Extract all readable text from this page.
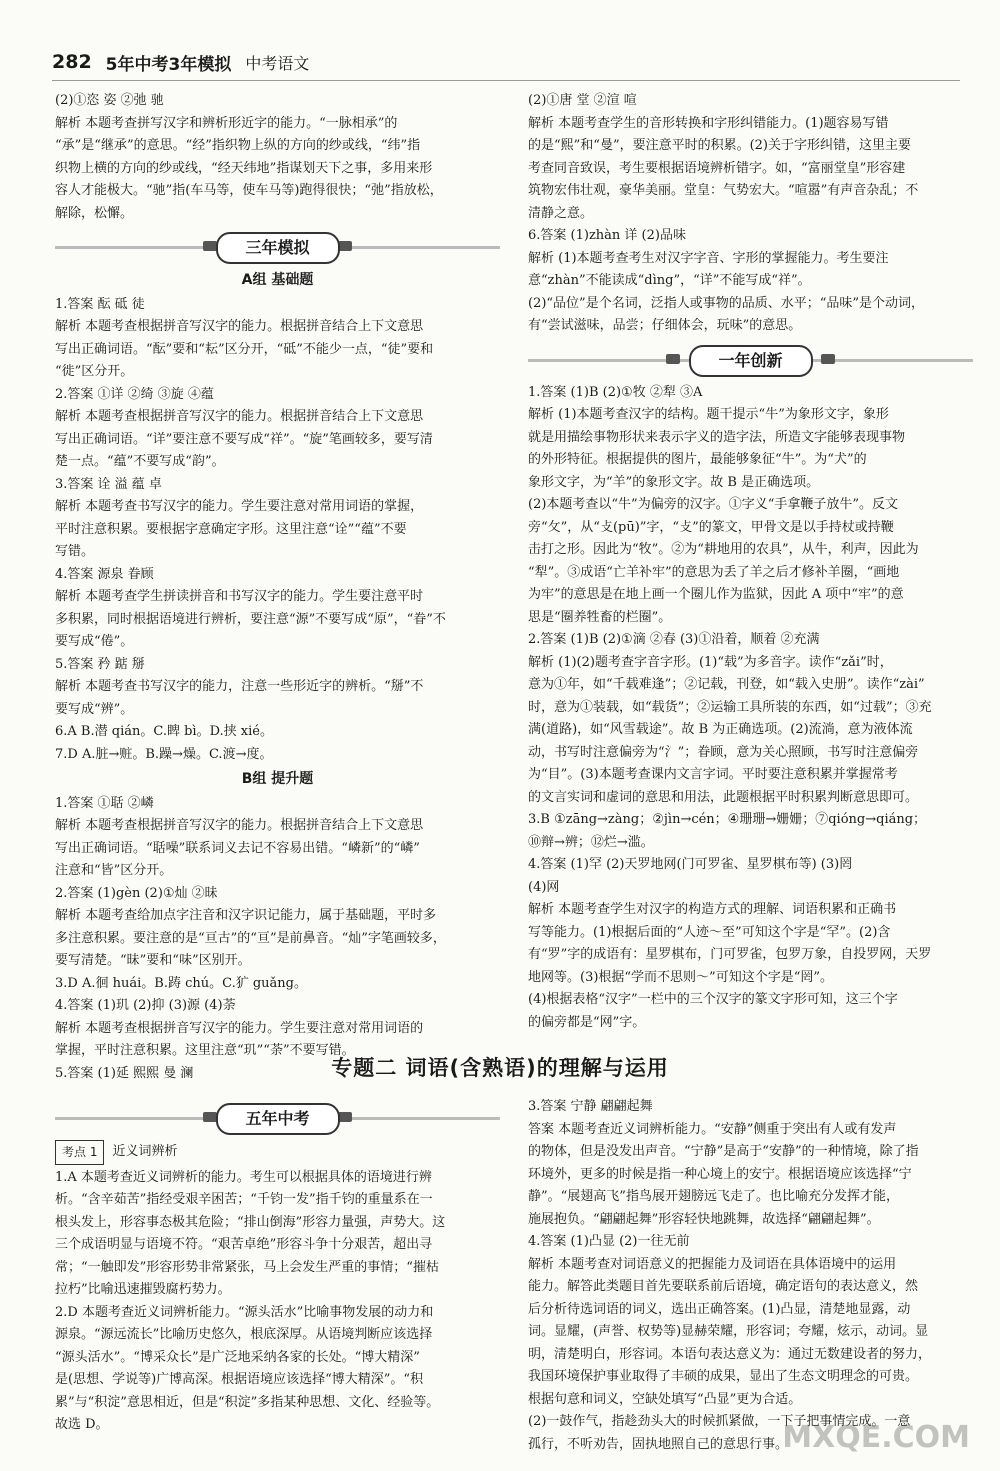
282 5年中考3年模拟 中考语文

(2)①恣 姿 ②弛 驰

解析 本题考查拼写汉字和辨析形近字的能力。“一脉相承”的

“承”是“继承”的意思。“经”指织物上纵的方向的纱或线，“纬”指

织物上横的方向的纱或线，“经天纬地”指谋划天下之事，多用来形

容人才能极大。“驰”指(车马等，使车马等)跑得很快；“弛”指放松，

解除，松懈。

三年模拟
A组 基础题

1.答案 酝 砥 徒

解析 本题考查根据拼音写汉字的能力。根据拼音结合上下文意思

写出正确词语。“酝”要和“耘”区分开，“砥”不能少一点，“徒”要和

“徙”区分开。

2.答案 ①详 ②绮 ③旋 ④蕴

解析 本题考查根据拼音写汉字的能力。根据拼音结合上下文意思

写出正确词语。“详”要注意不要写成“祥”。“旋”笔画较多，要写清

楚一点。“蕴”不要写成“韵”。

3.答案 诠 溢 蕴 卓

解析 本题考查书写汉字的能力。学生要注意对常用词语的掌握，

平时注意积累。要根据字意确定字形。这里注意“诠”“蕴”不要

写错。

4.答案 源泉 眷顾

解析 本题考查学生拼读拼音和书写汉字的能力。学生要注意平时

多积累，同时根据语境进行辨析，要注意“源”不要写成“原”，“眷”不

要写成“倦”。

5.答案 矜 踮 掰

解析 本题考查书写汉字的能力，注意一些形近字的辨析。“掰”不

要写成“辨”。

6.A B.潜 qián。C.睥 bì。D.挟 xié。

7.D A.脏→赃。B.躁→燥。C.渡→度。

B组 提升题

1.答案 ①聒 ②嶙

解析 本题考查根据拼音写汉字的能力。根据拼音结合上下文意思

写出正确词语。“聒噪”联系词义去记不容易出错。“嶙新”的“嶙”

注意和“皆”区分开。

2.答案 (1)gèn (2)①灿 ②昧

解析 本题考查给加点字注音和汉字识记能力，属于基础题，平时多

多注意积累。要注意的是“亘古”的“亘”是前鼻音。“灿”字笔画较多，

要写清楚。“昧”要和“味”区别开。

3.D A.徊 huái。B.踌 chú。C.犷 guǎng。

4.答案 (1)玑 (2)抑 (3)源 (4)荼

解析 本题考查根据拼音写汉字的能力。学生要注意对常用词语的

掌握，平时注意积累。这里注意“玑”“荼”不要写错。

5.答案 (1)延 熙熙 曼 澜

(2)①唐 堂 ②渲 喧

解析 本题考查学生的音形转换和字形纠错能力。(1)题容易写错

的是“熙”和“曼”，要注意平时的积累。(2)关于字形纠错，这里主要

考查同音致误，考生要根据语境辨析错字。如，“富丽堂皇”形容建

筑物宏伟壮观，豪华美丽。堂皇：气势宏大。“喧嚣”有声音杂乱；不

清静之意。

6.答案 (1)zhàn 详 (2)品味

解析 (1)本题考查考生对汉字字音、字形的掌握能力。考生要注

意“zhàn”不能读成“dìng”，“详”不能写成“祥”。

(2)“品位”是个名词，泛指人或事物的品质、水平；“品味”是个动词，

有“尝试滋味，品尝；仔细体会，玩味”的意思。

一年创新

1.答案 (1)B (2)①牧 ②犁 ③A

解析 (1)本题考查汉字的结构。题干提示“牛”为象形文字，象形

就是用描绘事物形状来表示字义的造字法，所造文字能够表现事物

的外形特征。根据提供的图片，最能够象征“牛”。为“犬”的

象形文字，为“羊”的象形文字。故 B 是正确选项。

(2)本题考查以“牛”为偏旁的汉字。①字义“手拿鞭子放牛”。反文

旁“攵”，从“攴(pū)”字，“攴”的篆文，甲骨文是以手持杖或持鞭

击打之形。因此为“牧”。②为“耕地用的农具”，从牛，利声，因此为

“犁”。③成语“亡羊补牢”的意思为丢了羊之后才修补羊圈，“画地

为牢”的意思是在地上画一个圈儿作为监狱，因此 A 项中“牢”的意

思是“圈养牲畜的栏圈”。

2.答案 (1)B (2)①滴 ②春 (3)①沿着，顺着 ②充满

解析 (1)(2)题考查字音字形。(1)“载”为多音字。读作“zǎi”时，

意为①年，如“千载难逢”；②记载，刊登，如“载入史册”。读作“zài”

时，意为①装载，如“载货”；②运输工具所装的东西，如“过载”；③充

满(道路)，如“风雪载途”。故 B 为正确选项。(2)流淌，意为液体流

动，书写时注意偏旁为“氵”；眷顾，意为关心照顾，书写时注意偏旁

为“目”。(3)本题考查课内文言字词。平时要注意积累并掌握常考

的文言实词和虚词的意思和用法，此题根据平时积累判断意思即可。

3.B ①zāng→zàng；②jìn→cén；④珊珊→姗姗；⑦qióng→qiáng；

⑩辩→辨；⑫烂→滥。

4.答案 (1)罕 (2)天罗地网(门可罗雀、星罗棋布等) (3)罔

(4)网

解析 本题考查学生对汉字的构造方式的理解、词语积累和正确书

写等能力。(1)根据后面的“人迹～至”可知这个字是“罕”。(2)含

有“罗”字的成语有：星罗棋布，门可罗雀，包罗万象，自投罗网，天罗

地网等。(3)根据“学而不思则～”可知这个字是“罔”。

(4)根据表格“汉字”一栏中的三个汉字的篆文字形可知，这三个字

的偏旁都是“网”字。

专题二 词语(含熟语)的理解与运用
五年中考
考点 1	近义词辨析

1.A 本题考查近义词辨析的能力。考生可以根据具体的语境进行辨

析。“含辛茹苦”指经受艰辛困苦；“千钧一发”指千钧的重量系在一

根头发上，形容事态极其危险；“排山倒海”形容力量强，声势大。这

三个成语明显与语境不符。“艰苦卓绝”形容斗争十分艰苦，超出寻

常；“一触即发”形容形势非常紧张，马上会发生严重的事情；“摧枯

拉朽”比喻迅速摧毁腐朽势力。

2.D 本题考查近义词辨析能力。“源头活水”比喻事物发展的动力和

源泉。“源远流长”比喻历史悠久，根底深厚。从语境判断应该选择

“源头活水”。“博采众长”是广泛地采纳各家的长处。“博大精深”

是(思想、学说等)广博高深。根据语境应该选择“博大精深”。“积

累”与“积淀”意思相近，但是“积淀”多指某种思想、文化、经验等。

故选 D。

3.答案 宁静 翩翩起舞

答案 本题考查近义词辨析能力。“安静”侧重于突出有人或有发声

的物体，但是没发出声音。“宁静”是高于“安静”的一种情境，除了指

环境外，更多的时候是指一种心境上的安宁。根据语境应该选择“宁

静”。“展翅高飞”指鸟展开翅膀远飞走了。也比喻充分发挥才能，

施展抱负。“翩翩起舞”形容轻快地跳舞，故选择“翩翩起舞”。

4.答案 (1)凸显 (2)一往无前

解析 本题考查对词语意义的把握能力及词语在具体语境中的运用

能力。解答此类题目首先要联系前后语境，确定语句的表达意义，然

后分析待选词语的词义，选出正确答案。(1)凸显，清楚地显露，动

词。显耀，(声誉、权势等)显赫荣耀，形容词；夸耀，炫示，动词。显

明，清楚明白，形容词。本语句表达意义为：通过无数建设者的努力，

我国环境保护事业取得了丰硕的成果，显出了生态文明理念的可贵。

根据句意和词义，空缺处填写“凸显”更为合适。

(2)一鼓作气，指趁劲头大的时候抓紧做，一下子把事情完成。一意

孤行，不听劝告，固执地照自己的意思行事。

MXQE.COM
